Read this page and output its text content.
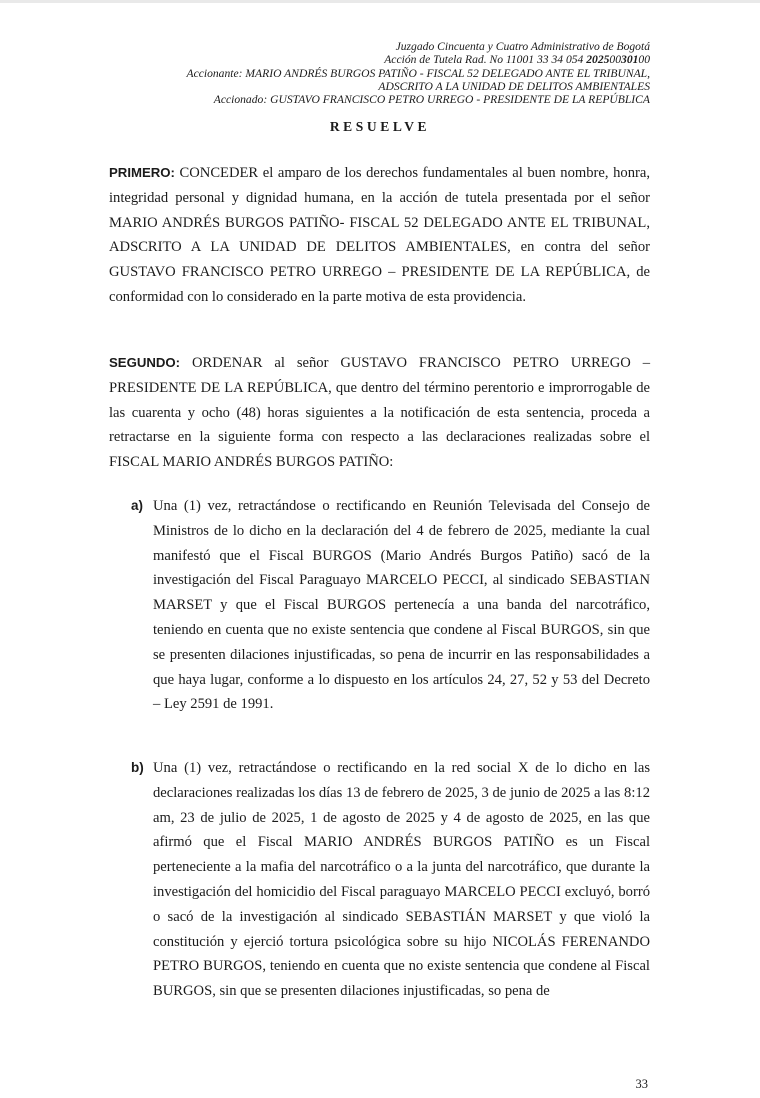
Juzgado Cincuenta y Cuatro Administrativo de Bogotá
Acción de Tutela Rad. No 11001 33 34 054 20250030100
Accionante: MARIO ANDRÉS BURGOS PATIÑO - FISCAL 52 DELEGADO ANTE EL TRIBUNAL,
ADSCRITO A LA UNIDAD DE DELITOS AMBIENTALES
Accionado: GUSTAVO FRANCISCO PETRO URREGO - PRESIDENTE DE LA REPÚBLICA
RESUELVE
PRIMERO: CONCEDER el amparo de los derechos fundamentales al buen nombre, honra, integridad personal y dignidad humana, en la acción de tutela presentada por el señor MARIO ANDRÉS BURGOS PATIÑO- FISCAL 52 DELEGADO ANTE EL TRIBUNAL, ADSCRITO A LA UNIDAD DE DELITOS AMBIENTALES, en contra del señor GUSTAVO FRANCISCO PETRO URREGO – PRESIDENTE DE LA REPÚBLICA, de conformidad con lo considerado en la parte motiva de esta providencia.
SEGUNDO: ORDENAR al señor GUSTAVO FRANCISCO PETRO URREGO – PRESIDENTE DE LA REPÚBLICA, que dentro del término perentorio e improrrogable de las cuarenta y ocho (48) horas siguientes a la notificación de esta sentencia, proceda a retractarse en la siguiente forma con respecto a las declaraciones realizadas sobre el FISCAL MARIO ANDRÉS BURGOS PATIÑO:
a) Una (1) vez, retractándose o rectificando en Reunión Televisada del Consejo de Ministros de lo dicho en la declaración del 4 de febrero de 2025, mediante la cual manifestó que el Fiscal BURGOS (Mario Andrés Burgos Patiño) sacó de la investigación del Fiscal Paraguayo MARCELO PECCI, al sindicado SEBASTIAN MARSET y que el Fiscal BURGOS pertenecía a una banda del narcotráfico, teniendo en cuenta que no existe sentencia que condene al Fiscal BURGOS, sin que se presenten dilaciones injustificadas, so pena de incurrir en las responsabilidades a que haya lugar, conforme a lo dispuesto en los artículos 24, 27, 52 y 53 del Decreto – Ley 2591 de 1991.
b) Una (1) vez, retractándose o rectificando en la red social X de lo dicho en las declaraciones realizadas los días 13 de febrero de 2025, 3 de junio de 2025 a las 8:12 am, 23 de julio de 2025, 1 de agosto de 2025 y 4 de agosto de 2025, en las que afirmó que el Fiscal MARIO ANDRÉS BURGOS PATIÑO es un Fiscal perteneciente a la mafia del narcotráfico o a la junta del narcotráfico, que durante la investigación del homicidio del Fiscal paraguayo MARCELO PECCI excluyó, borró o sacó de la investigación al sindicado SEBASTIÁN MARSET y que violó la constitución y ejerció tortura psicológica sobre su hijo NICOLÁS FERENANDO PETRO BURGOS, teniendo en cuenta que no existe sentencia que condene al Fiscal BURGOS, sin que se presenten dilaciones injustificadas, so pena de
33
